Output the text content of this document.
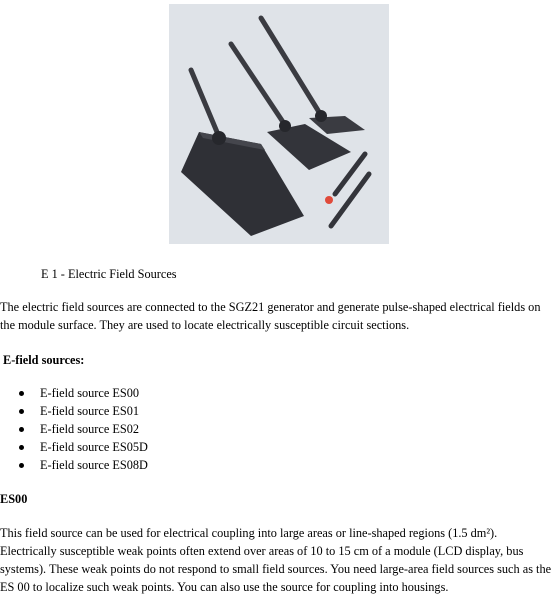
E 1 - Electric Field Sources

The electric field sources are connected to the SGZ21 generator and generate pulse-shaped electrical fields on the module surface. They are used to locate electrically susceptible circuit sections.

E-field sources:

E-field source ES00
E-field source ES01
E-field source ES02
E-field source ES05D
E-field source ES08D

ES00

This field source can be used for electrical coupling into large areas or line-shaped regions (1.5 dm²). Electrically susceptible weak points often extend over areas of 10 to 15 cm of a module (LCD display, bus systems). These weak points do not respond to small field sources. You need large-area field sources such as the ES 00 to localize such weak points. You can also use the source for coupling into housings.
